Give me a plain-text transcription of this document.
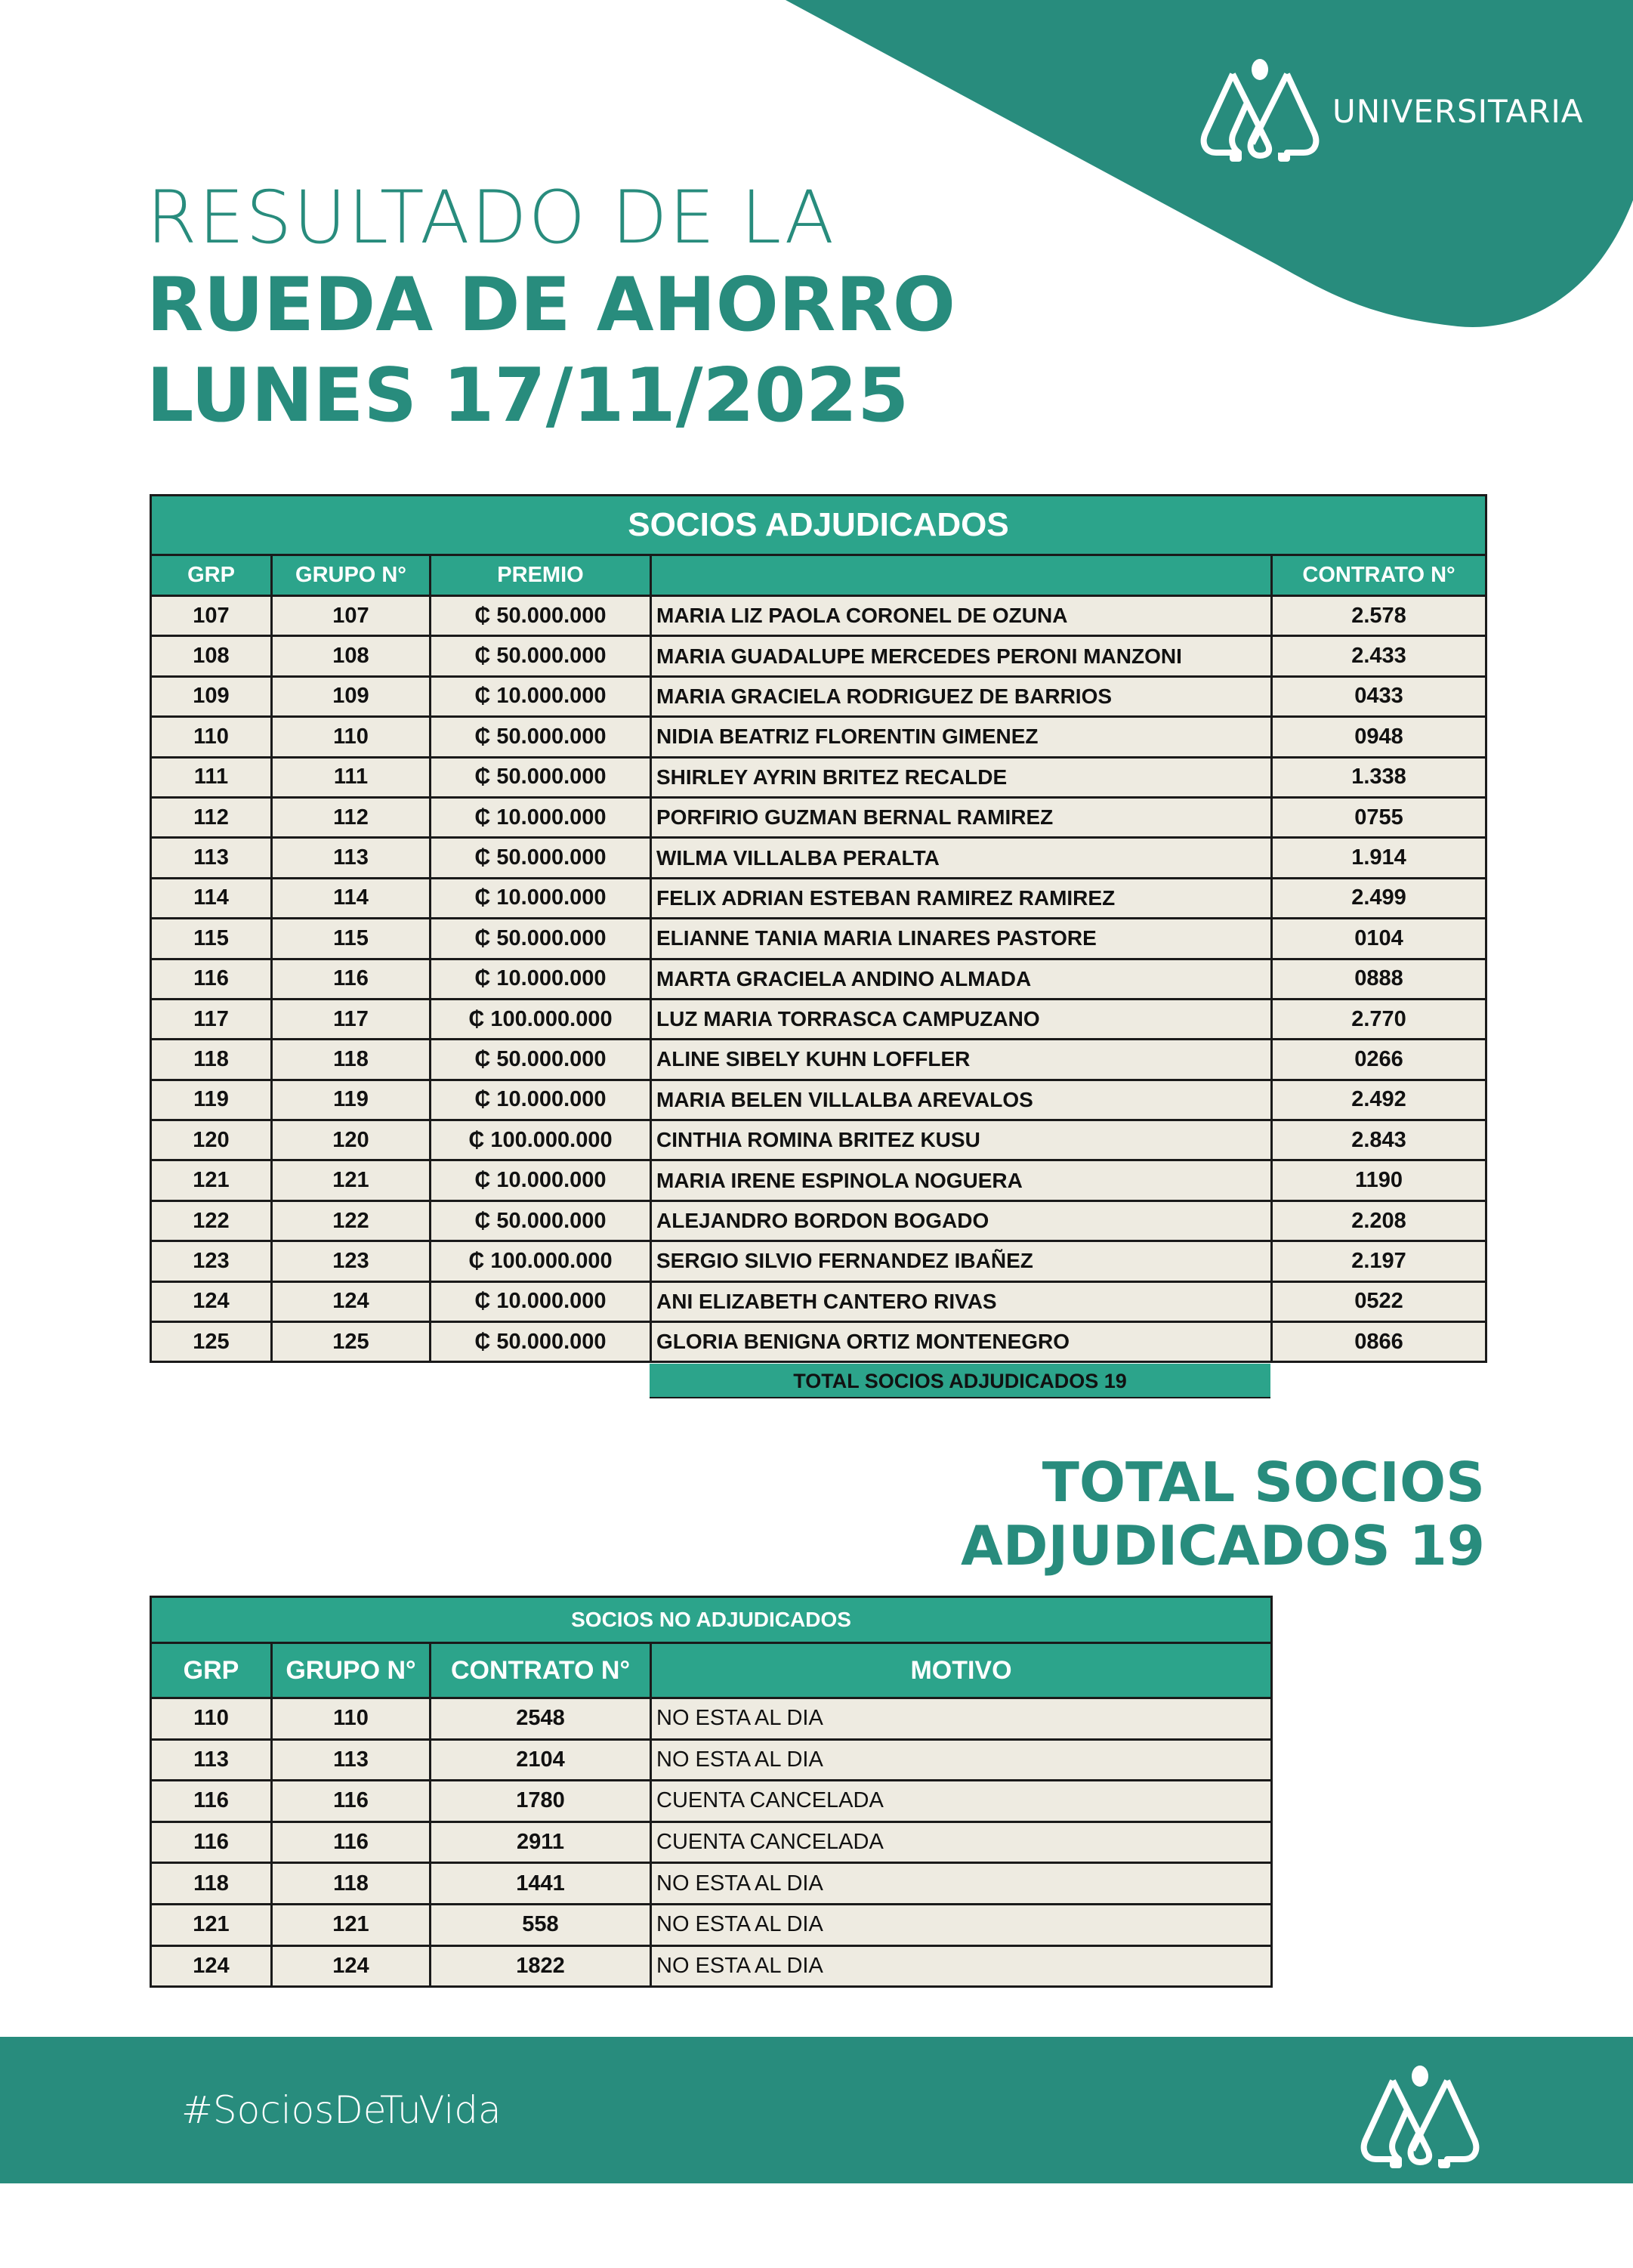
UNIVERSITARIA
RESULTADO DE LA
RUEDA DE AHORRO
LUNES 17/11/2025
SOCIOS ADJUDICADOS				
GRP	GRUPO N°	PREMIO		CONTRATO N°
107	107	₵ 50.000.000	MARIA LIZ PAOLA CORONEL DE OZUNA	2.578
108	108	₵ 50.000.000	MARIA GUADALUPE MERCEDES PERONI MANZONI	2.433
109	109	₵ 10.000.000	MARIA GRACIELA RODRIGUEZ DE BARRIOS	0433
110	110	₵ 50.000.000	NIDIA BEATRIZ FLORENTIN GIMENEZ	0948
111	111	₵ 50.000.000	SHIRLEY AYRIN BRITEZ RECALDE	1.338
112	112	₵ 10.000.000	PORFIRIO GUZMAN BERNAL RAMIREZ	0755
113	113	₵ 50.000.000	WILMA VILLALBA PERALTA	1.914
114	114	₵ 10.000.000	FELIX ADRIAN ESTEBAN RAMIREZ RAMIREZ	2.499
115	115	₵ 50.000.000	ELIANNE TANIA MARIA LINARES PASTORE	0104
116	116	₵ 10.000.000	MARTA GRACIELA ANDINO ALMADA	0888
117	117	₵ 100.000.000	LUZ MARIA TORRASCA CAMPUZANO	2.770
118	118	₵ 50.000.000	ALINE SIBELY KUHN LOFFLER	0266
119	119	₵ 10.000.000	MARIA BELEN VILLALBA AREVALOS	2.492
120	120	₵ 100.000.000	CINTHIA ROMINA BRITEZ KUSU	2.843
121	121	₵ 10.000.000	MARIA IRENE ESPINOLA NOGUERA	1190
122	122	₵ 50.000.000	ALEJANDRO BORDON BOGADO	2.208
123	123	₵ 100.000.000	SERGIO SILVIO FERNANDEZ IBAÑEZ	2.197
124	124	₵ 10.000.000	ANI ELIZABETH CANTERO RIVAS	0522
125	125	₵ 50.000.000	GLORIA BENIGNA ORTIZ MONTENEGRO	0866
TOTAL SOCIOS ADJUDICADOS 19
TOTAL SOCIOS
ADJUDICADOS 19
SOCIOS NO ADJUDICADOS			
GRP	GRUPO N°	CONTRATO N°	MOTIVO
110	110	2548	NO ESTA AL DIA
113	113	2104	NO ESTA AL DIA
116	116	1780	CUENTA CANCELADA
116	116	2911	CUENTA CANCELADA
118	118	1441	NO ESTA AL DIA
121	121	558	NO ESTA AL DIA
124	124	1822	NO ESTA AL DIA
#SociosDeTuVida
